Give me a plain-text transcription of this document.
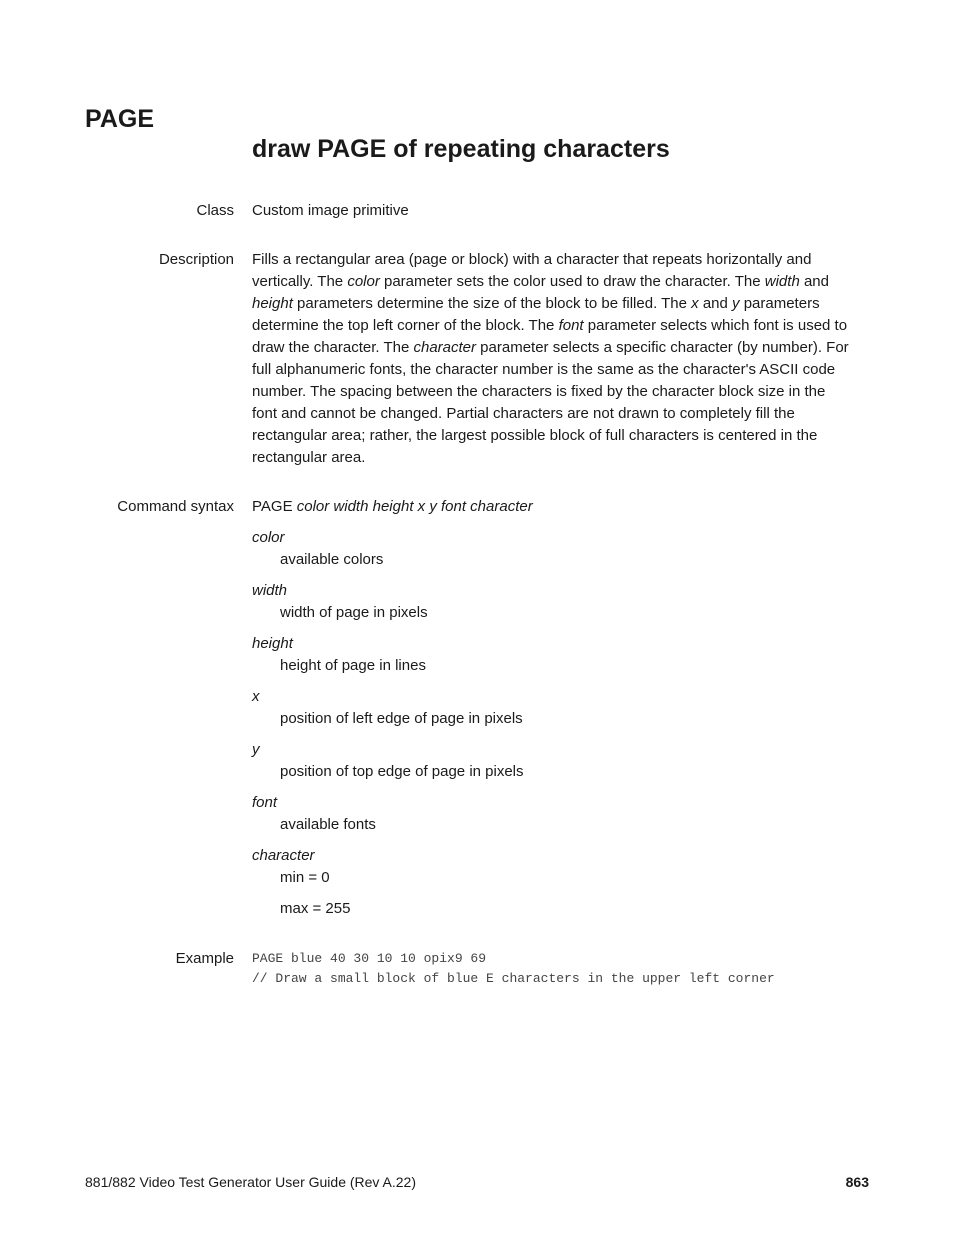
PAGE
draw PAGE of repeating characters
Class Custom image primitive
Description Fills a rectangular area (page or block) with a character that repeats horizontally and
vertically. The color parameter sets the color used to draw the character. The width and
height parameters determine the size of the block to be filled. The x and y parameters
determine the top left corner of the block. The font parameter selects which font is used to
draw the character. The character parameter selects a specific character (by number). For
full alphanumeric fonts, the character number is the same as the character's ASCII code
number. The spacing between the characters is fixed by the character block size in the
font and cannot be changed. Partial characters are not drawn to completely fill the
rectangular area; rather, the largest possible block of full characters is centered in the
rectangular area.
Command syntax PAGE color width height x y font character
color
available colors
width
width of page in pixels
height
height of page in lines
x
position of left edge of page in pixels
y
position of top edge of page in pixels
font
available fonts
character
min = 0
max = 255
Example PAGE blue 40 30 10 10 opix9 69
// Draw a small block of blue E characters in the upper left corner
881/882 Video Test Generator User Guide (Rev A.22)	863
